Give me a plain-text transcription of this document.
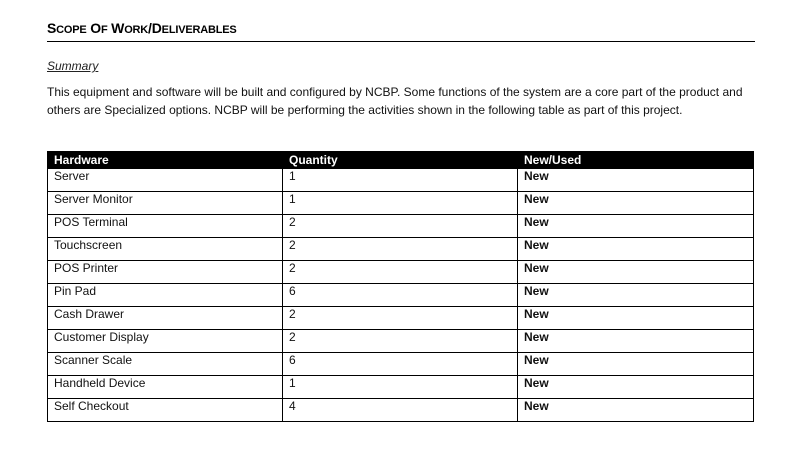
SCOPE OF WORK/DELIVERABLES
Summary
This equipment and software will be built and configured by NCBP. Some functions of the system are a core part of the product and others are Specialized options. NCBP will be performing the activities shown in the following table as part of this project.
Hardware	Quantity	New/Used
Server	1	New
Server Monitor	1	New
POS Terminal	2	New
Touchscreen	2	New
POS Printer	2	New
Pin Pad	6	New
Cash Drawer	2	New
Customer Display	2	New
Scanner Scale	6	New
Handheld Device	1	New
Self Checkout	4	New
